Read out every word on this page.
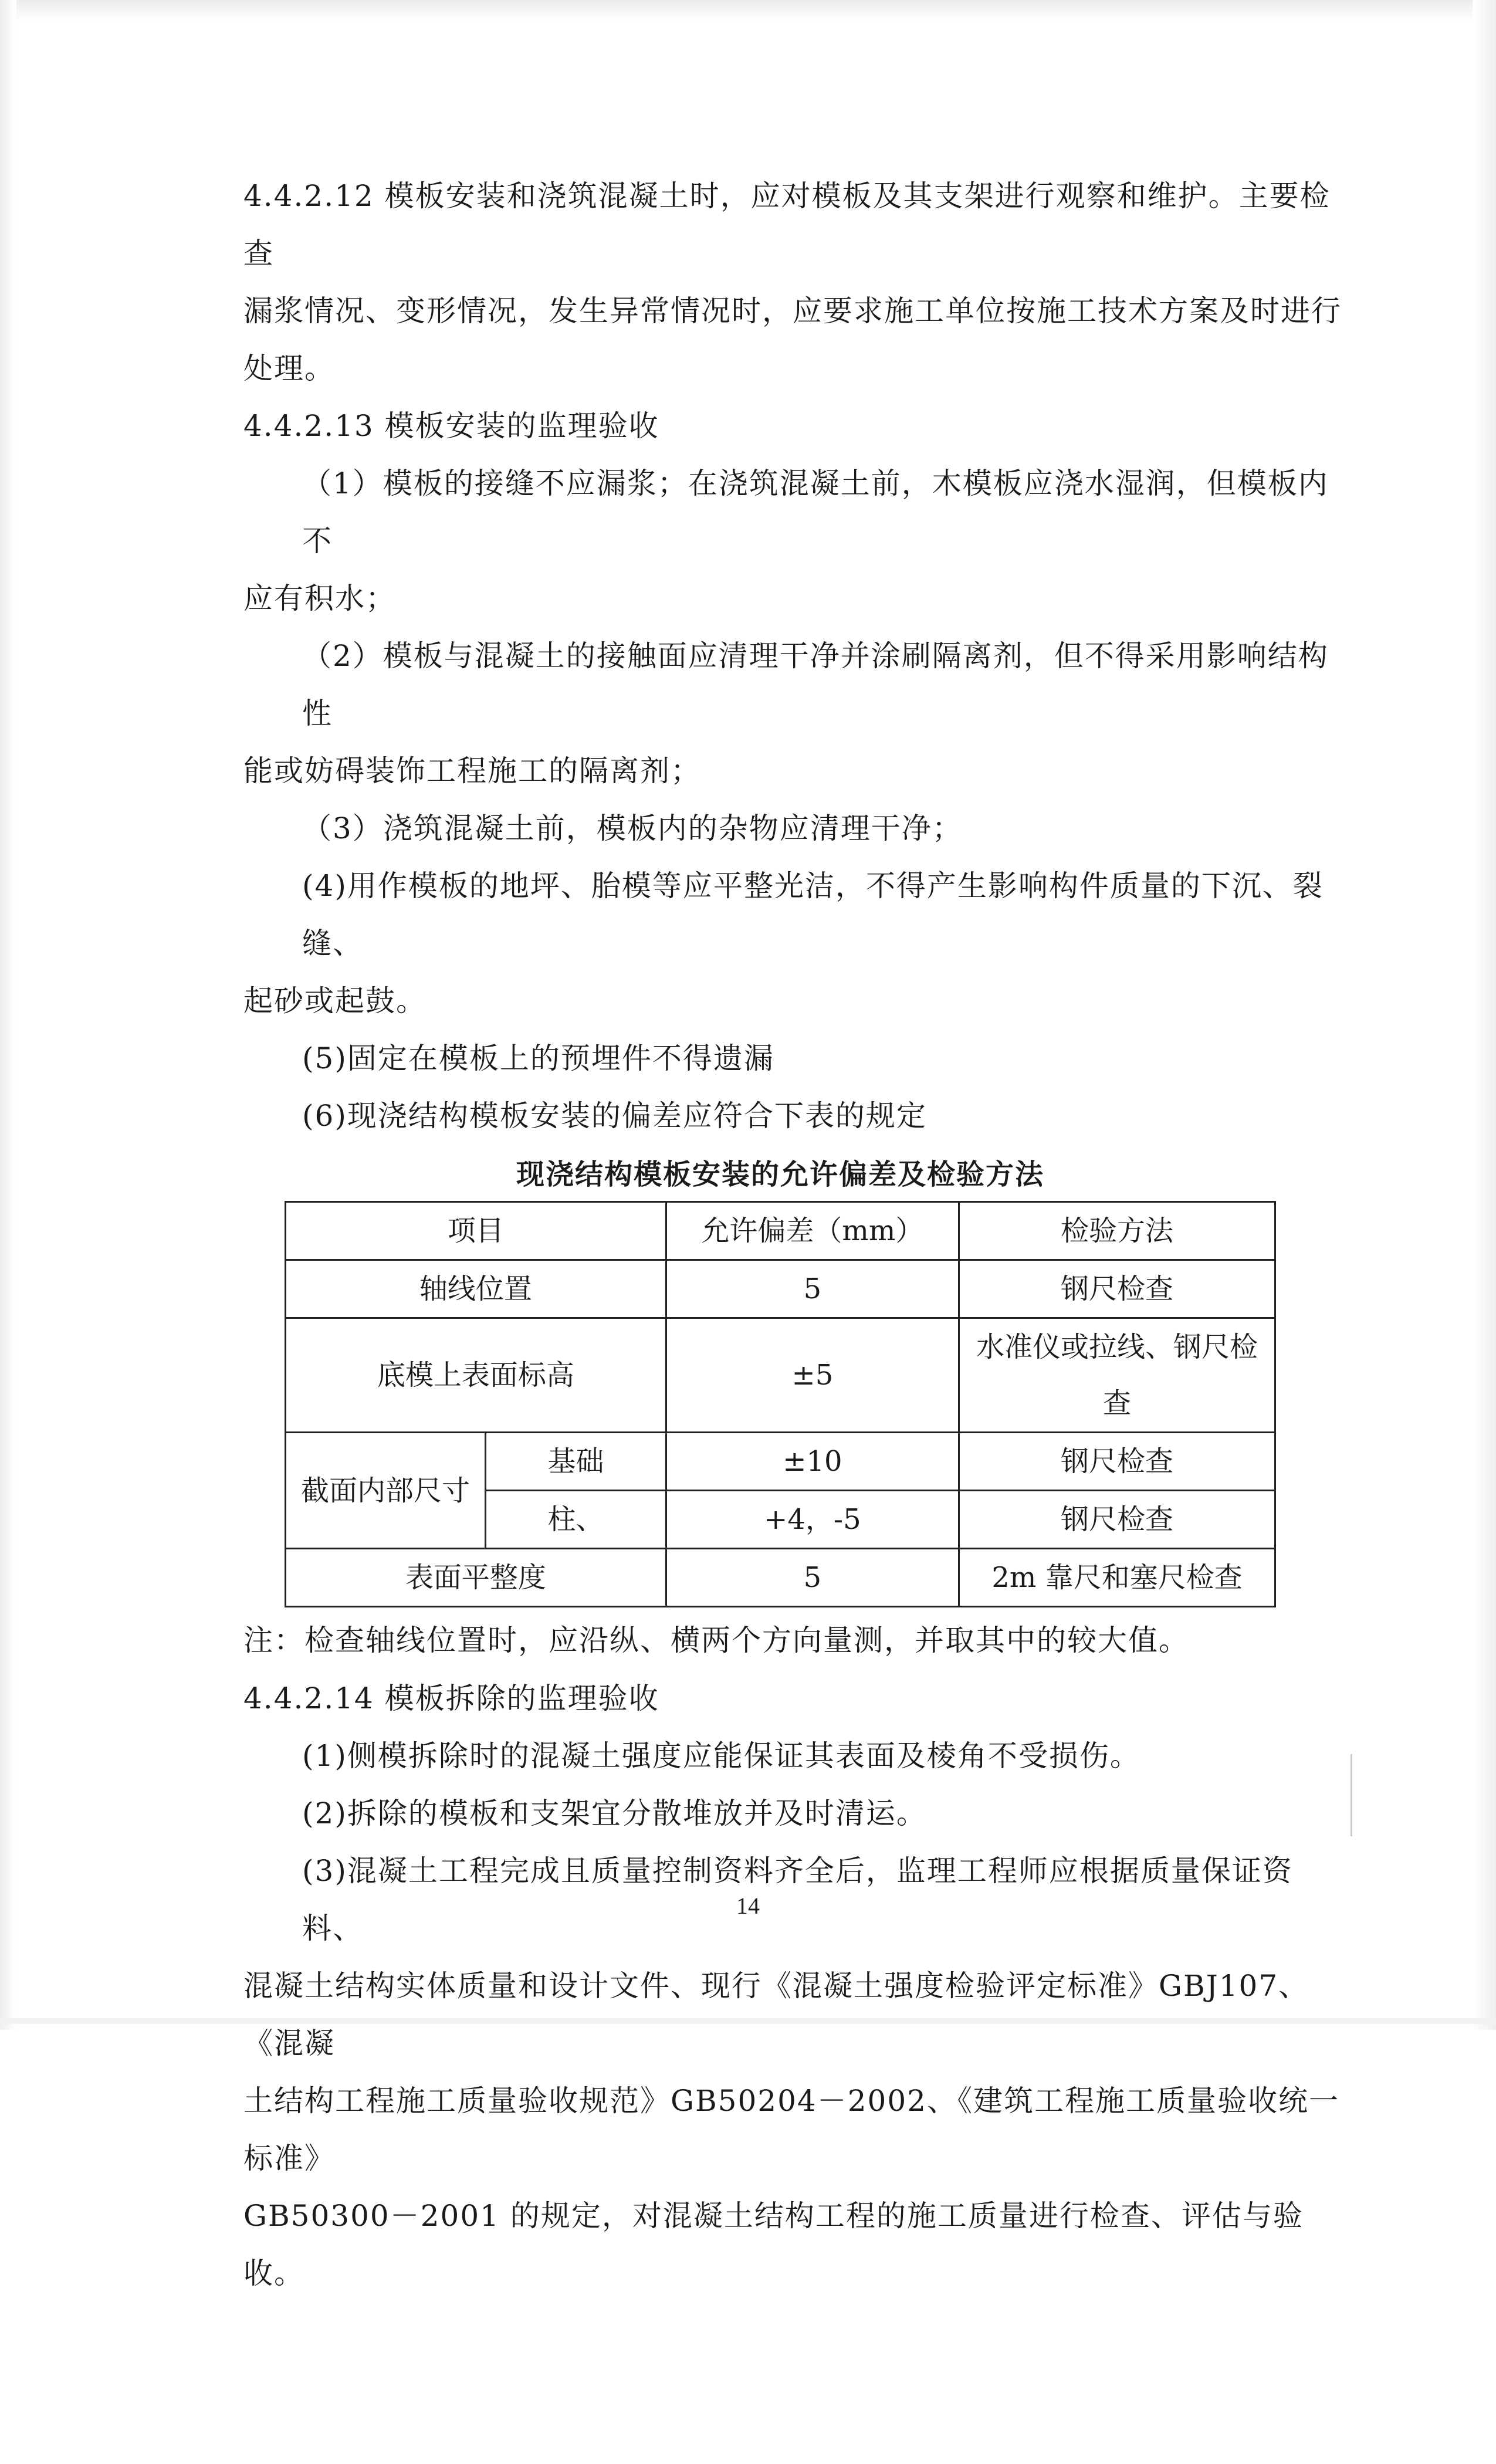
4.4.2.12 模板安装和浇筑混凝土时，应对模板及其支架进行观察和维护。主要检查

漏浆情况、变形情况，发生异常情况时，应要求施工单位按施工技术方案及时进行

处理。

4.4.2.13 模板安装的监理验收

（1）模板的接缝不应漏浆；在浇筑混凝土前，木模板应浇水湿润，但模板内不

应有积水；

（2）模板与混凝土的接触面应清理干净并涂刷隔离剂，但不得采用影响结构性

能或妨碍装饰工程施工的隔离剂；

（3）浇筑混凝土前，模板内的杂物应清理干净；

(4)用作模板的地坪、胎模等应平整光洁，不得产生影响构件质量的下沉、裂缝、

起砂或起鼓。

(5)固定在模板上的预埋件不得遗漏

(6)现浇结构模板安装的偏差应符合下表的规定

现浇结构模板安装的允许偏差及检验方法
项目		允许偏差（mm）	检验方法
轴线位置		5	钢尺检查
底模上表面标高		±5	水准仪或拉线、钢尺检
查

截面内部尺寸	基础	±10	钢尺检查
	柱、	+4，-5	钢尺检查
表面平整度		5	2m 靠尺和塞尺检查

注：检查轴线位置时，应沿纵、横两个方向量测，并取其中的较大值。

4.4.2.14 模板拆除的监理验收

(1)侧模拆除时的混凝土强度应能保证其表面及棱角不受损伤。

(2)拆除的模板和支架宜分散堆放并及时清运。

(3)混凝土工程完成且质量控制资料齐全后，监理工程师应根据质量保证资料、

混凝土结构实体质量和设计文件、现行《混凝土强度检验评定标准》GBJ107、《混凝

土结构工程施工质量验收规范》GB50204－2002、《建筑工程施工质量验收统一标准》

GB50300－2001 的规定，对混凝土结构工程的施工质量进行检查、评估与验收。

14
